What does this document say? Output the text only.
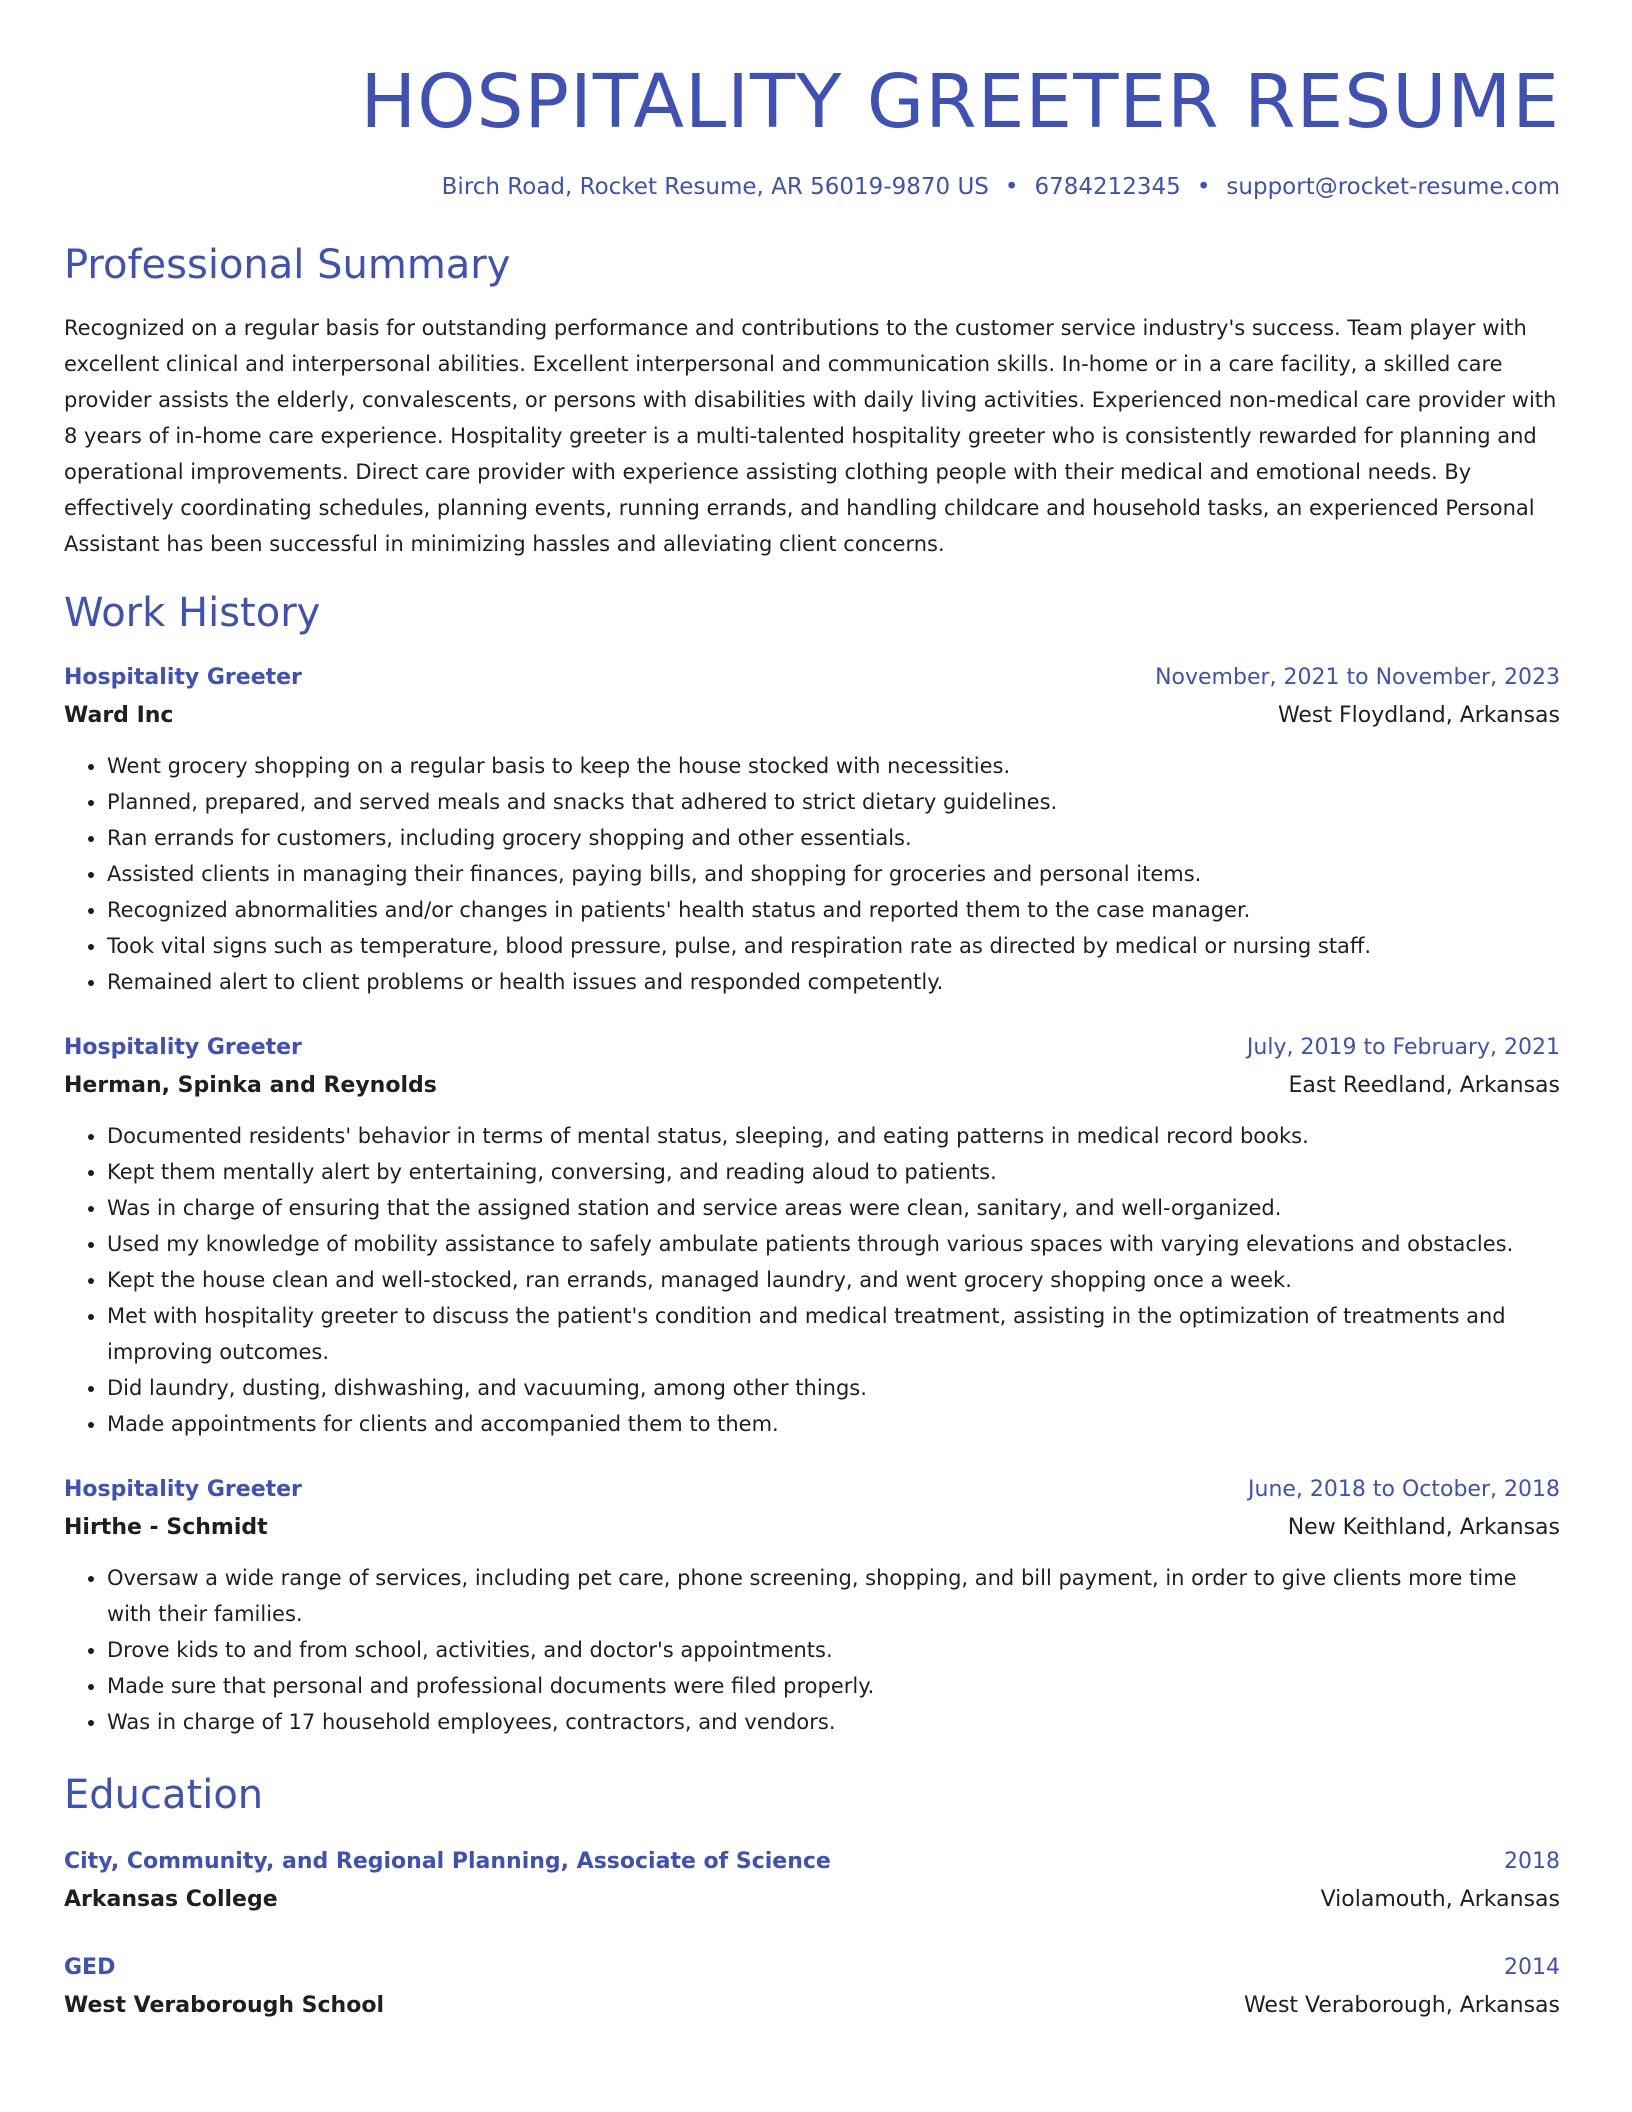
HOSPITALITY GREETER RESUME
Birch Road, Rocket Resume, AR 56019-9870 US • 6784212345 • support@rocket-resume.com
Professional Summary

Recognized on a regular basis for outstanding performance and contributions to the customer service industry's success. Team player with excellent clinical and interpersonal abilities. Excellent interpersonal and communication skills. In-home or in a care facility, a skilled care provider assists the elderly, convalescents, or persons with disabilities with daily living activities. Experienced non-medical care provider with 8 years of in-home care experience. Hospitality greeter is a multi-talented hospitality greeter who is consistently rewarded for planning and operational improvements. Direct care provider with experience assisting clothing people with their medical and emotional needs. By effectively coordinating schedules, planning events, running errands, and handling childcare and household tasks, an experienced Personal Assistant has been successful in minimizing hassles and alleviating client concerns.

Work History
Hospitality Greeter	November, 2021 to November, 2023
Ward Inc	West Floydland, Arkansas
• Went grocery shopping on a regular basis to keep the house stocked with necessities.
• Planned, prepared, and served meals and snacks that adhered to strict dietary guidelines.
• Ran errands for customers, including grocery shopping and other essentials.
• Assisted clients in managing their finances, paying bills, and shopping for groceries and personal items.
• Recognized abnormalities and/or changes in patients' health status and reported them to the case manager.
• Took vital signs such as temperature, blood pressure, pulse, and respiration rate as directed by medical or nursing staff.
• Remained alert to client problems or health issues and responded competently.
Hospitality Greeter	July, 2019 to February, 2021
Herman, Spinka and Reynolds	East Reedland, Arkansas
• Documented residents' behavior in terms of mental status, sleeping, and eating patterns in medical record books.
• Kept them mentally alert by entertaining, conversing, and reading aloud to patients.
• Was in charge of ensuring that the assigned station and service areas were clean, sanitary, and well-organized.
• Used my knowledge of mobility assistance to safely ambulate patients through various spaces with varying elevations and obstacles.
• Kept the house clean and well-stocked, ran errands, managed laundry, and went grocery shopping once a week.
• Met with hospitality greeter to discuss the patient's condition and medical treatment, assisting in the optimization of treatments and improving outcomes.
• Did laundry, dusting, dishwashing, and vacuuming, among other things.
• Made appointments for clients and accompanied them to them.
Hospitality Greeter	June, 2018 to October, 2018
Hirthe - Schmidt	New Keithland, Arkansas
• Oversaw a wide range of services, including pet care, phone screening, shopping, and bill payment, in order to give clients more time with their families.
• Drove kids to and from school, activities, and doctor's appointments.
• Made sure that personal and professional documents were filed properly.
• Was in charge of 17 household employees, contractors, and vendors.
Education
City, Community, and Regional Planning, Associate of Science	2018
Arkansas College	Violamouth, Arkansas
GED	2014
West Veraborough School	West Veraborough, Arkansas
